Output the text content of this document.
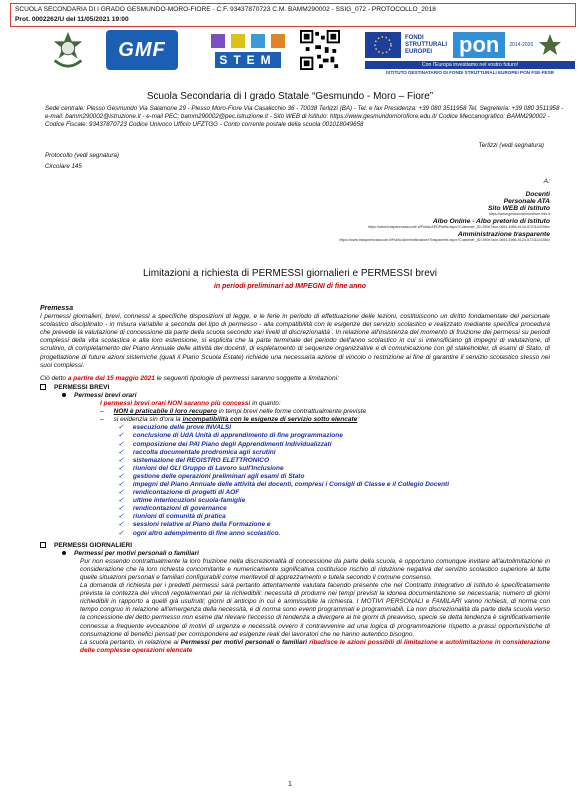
SCUOLA SECONDARIA DI I GRADO GESMUNDO-MORO-FIORE - C.F. 93437870723 C.M. BAMM290002 - SSIG_072 - PROTOCOLLO_2018
Prot. 0002262/U del 11/05/2021 19:00
GMF	STEM
FONDI STRUTTURALI EUROPEI	pon	2014-2020
Con l'Europa investiamo nel vostro futuro!
ISTITUTO DESTINATARIO DI FONDI STRUTTURALI EUROPEI PON FSE-FESR
Scuola Secondaria di I grado Statale “Gesmundo - Moro – Fiore”
Sede centrale: Plesso Gesmundo Via Salamone 29 - Plesso Moro-Fiore Via Casalicchio 36 - 70038 Terlizzi (BA) - Tel. e fax Presidenza: +39 080 3511958 Tel. Segreteria: +39 080 3511958 - e-mail: bamm290002@istruzione.it - e-mail PEC: bamm290002@pec.istruzione.it - Sito WEB di Istituto: https://www.gesmundomorofiore.edu.it/ Codice Meccanografico: BAMM290002 - Codice Fiscale: 93437870723 Codice Univoco Ufficio UFZTGG - Conto corrente postale della scuola 001018049658
Terlizzi (vedi segnatura)
Protocollo (vedi segnatura)
Circolare 145
A:
Docenti
Personale ATA
Sito WEB di Istituto
https://www.gesmundomorofiore.edu.it
Albo Online - Albo pretorio di Istituto
https://www.trasparenzascuole.it/Public/APDPublic.aspx?Customer_ID=390e7ace-0651-4966-b12d-572111c028bc
Amministrazione trasparente
https://www.trasparenzascuole.it/Public/AmministrazioneTrasparente.aspx?Customer_ID=390e7ace-0651-4966-b12d-572111c028bc
Limitazioni a richiesta di PERMESSI giornalieri e PERMESSI brevi
in periodi preliminari ad IMPEGNI di fine anno
Premessa
I permessi giornalieri, brevi, connessi a specifiche disposizioni di legge, e le ferie in periodo di effettuazione delle lezioni, costituiscono un diritto fondamentale del personale scolastico disciplinato - in misura variabile a seconda del tipo di permesso - alla compatibilità con le esigenze del servizio scolastico e realizzato mediante specifica procedura che prevede la valutazione di concessione da parte della scuola secondo vari livelli di discrezionalità . In relazione all'insistenza del momento di fruizione dei permessi su periodi complessi della vita scolastica e alla loro estensione, si esplicita che la parte terminale del periodo dell'anno scolastico in cui si intensificano gli impegni di valutazione, di scrutinio, di completamento del Piano Annuale delle attività dei docenti, di espletamento di sequenze organizzative e di comunicazione con gli stakeholder, di esami di Stato, di progettazione di future azioni sistemiche (quali il Piano Scuola Estate) richiede una necessaria azione di vincolo o restrizione ai fine di garantire il servizio scolastico stesso nei suoi complessi.
Ciò detto a partire dal 15 maggio 2021 le seguenti tipologie di permessi saranno soggette a limitazioni:
PERMESSI BREVI
Permessi brevi orari
I permessi brevi orari NON saranno più concessi in quanto:
– NON è praticabile il loro recupero in tempi brevi nelle forme contrattualmente previste
– si evidenzia sin d'ora la incompatibilità con le esigenze di servizio sotto elencate
✓ esecuzione delle prove INVALSI
✓ conclusione di UdA Unità di apprendimento di fine programmazione
✓ composizione dei PAI Piano degli Apprendimenti Individualizzati
✓ raccolta documentale prodromica agli scrutini
✓ sistemazione del REGISTRO ELETTRONICO
✓ riunioni del GLI Gruppo di Lavoro sull'Inclusione
✓ gestione delle operazioni preliminari agli esami di Stato
✓ impegni del Piano Annuale delle attività dei docenti, compresi i Consigli di Classe e il Collegio Docenti
✓ rendicontazione di progetti di AOF
✓ ultime interlocuzioni scuola-famiglie
✓ rendicontazioni di governance
✓ riunioni di comunità di pratica
✓ sessioni relative al Piano della Formazione e
✓ ogni altro adempimento di fine anno scolastico.
PERMESSI GIORNALIERI
Permessi per motivi personali o familiari
Pur non essendo contrattualmente la loro fruizione nella discrezionalità di concessione da parte della scuola, è opportuno comunque invitare all'autolimitazione in considerazione che la loro richiesta concomitante e numericamente significativa costituisce rischio di riduzione negativa del servizio scolastico superiore al tutte quelle situazioni personali e familiari configurabili come meritevoli di apprezzamento e tutela secondo il comune consenso.
La domanda di richiesta per i predetti permessi sarà pertanto attentamente valutata facendo presente che nel Contratto Integrativo di Istituto è specificatamente prevista la contezza dei vincoli regolamentari per la richiedibili: necessità di produrre nei tempi previsti la idonea documentazione se necessaria; numero di giorni richiedibili in rapporto a quelli già usufruiti; giorni di anticipo in cui è ammissibile la richiesta. I MOTIVI PERSONALI e FAMILARI vanno richiesti, di norma con tempo congruo in relazione all'emergenza della necessità, e di norma sono eventi programmati e programmabili. La non discrezionalità da parte della scuola verso la concessione del detto permesso non esime dal rilevare l'eccesso di tendenza a divergere ai tre giorni di preavviso, specie se detta tendenza è significativamente connessa a frequente evocazione di motivi di urgenza e necessità ovvero il contravvenire ad una logica di programmazione rispetto a prassi opportunistiche di consumazione di benefici pensati per corrispondere ad esigenze reali dei lavoratori che ne hanno autentico bisogno.
La scuola pertanto, in relazione ai Permessi per motivi personali o familiari ribadisce le azioni possibili di limitazione e autolimitazione in considerazione delle complesse operazioni elencate
1
